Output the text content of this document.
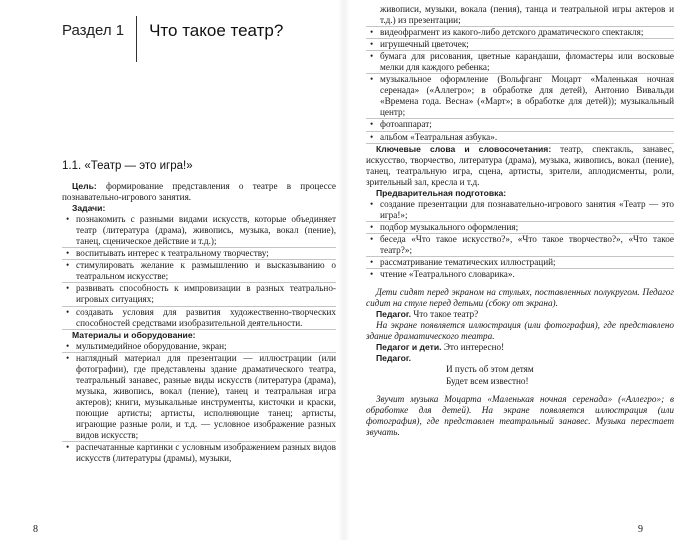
Раздел 1 Что такое театр?
1.1. «Театр — это игра!»

Цель: формирование представления о театре в процессе познавательно-игрового занятия.

Задачи:

• познакомить с разными видами искусств, которые объединяет театр (литература (драма), живопись, музыка, вокал (пение), танец, сценическое действие и т.д.);
• воспитывать интерес к театральному творчеству;
• стимулировать желание к размышлению и высказыванию о театральном искусстве;
• развивать способность к импровизации в разных театрально-игровых ситуациях;
• создавать условия для развития художественно-творческих способностей средствами изобразительной деятельности.

Материалы и оборудование:

• мультимедийное оборудование, экран;
• наглядный материал для презентации — иллюстрации (или фотографии), где представлены здание драматического театра, театральный занавес, разные виды искусств (литература (драма), музыка, живопись, вокал (пение), танец и театральная игра актеров); книги, музыкальные инструменты, кисточки и краски, поющие артисты; артисты, исполняющие танец; артисты, играющие разные роли, и т.д. — условное изображение разных видов искусств;
• распечатанные картинки с условным изображением разных видов искусств (литературы (драмы), музыки,
8
живописи, музыки, вокала (пения), танца и театральной игры актеров и т.д.) из презентации;
• видеофрагмент из какого-либо детского драматического спектакля;
• игрушечный цветочек;
• бумага для рисования, цветные карандаши, фломастеры или восковые мелки для каждого ребенка;
• музыкальное оформление (Вольфганг Моцарт «Маленькая ночная серенада» («Аллегро»; в обработке для детей), Антонио Вивальди «Времена года. Весна» («Март»; в обработке для детей)); музыкальный центр;
• фотоаппарат;
• альбом «Театральная азбука».

Ключевые слова и словосочетания: театр, спектакль, занавес, искусство, творчество, литература (драма), музыка, живопись, вокал (пение), танец, театральную игра, сцена, артисты, зрители, аплодисменты, роли, зрительный зал, кресла и т.д.

Предварительная подготовка:

• создание презентации для познавательно-игрового занятия «Театр — это игра!»;
• подбор музыкального оформления;
• беседа «Что такое искусство?», «Что такое творчество?», «Что такое театр?»;
• рассматривание тематических иллюстраций;
• чтение «Театрального словарика».

Дети сидят перед экраном на стульях, поставленных полукругом. Педагог сидит на стуле перед детьми (сбоку от экрана).

Педагог. Что такое театр?

На экране появляется иллюстрация (или фотография), где представлено здание драматического театра.

Педагог и дети. Это интересно!

Педагог.

И пусть об этом детям

Будет всем известно!

Звучит музыка Моцарта «Маленькая ночная серенада» («Аллегро»; в обработке для детей). На экране появляется иллюстрация (или фотография), где представлен театральный занавес. Музыка перестает звучать.

9
